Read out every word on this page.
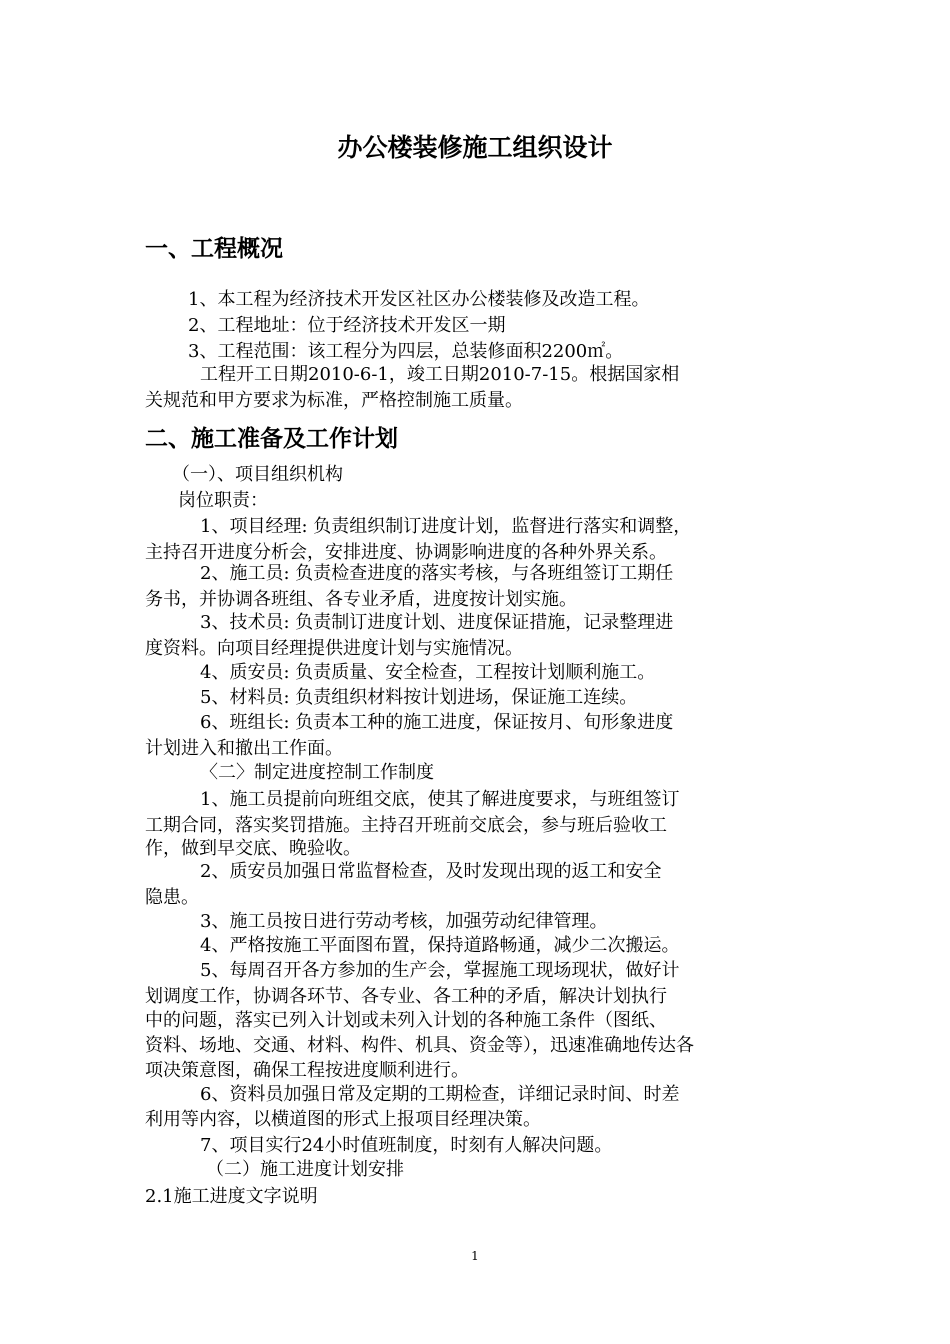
办公楼装修施工组织设计
一、工程概况
1、本工程为经济技术开发区社区办公楼装修及改造工程。
2、工程地址：位于经济技术开发区一期
3、工程范围：该工程分为四层，总装修面积2200㎡。
工程开工日期2010-6-1，竣工日期2010-7-15。根据国家相
关规范和甲方要求为标准，严格控制施工质量。
二、施工准备及工作计划
（一）、项目组织机构
岗位职责：
1、项目经理: 负责组织制订进度计划，监督进行落实和调整，
主持召开进度分析会，安排进度、协调影响进度的各种外界关系。
2、施工员: 负责检查进度的落实考核，与各班组签订工期任
务书，并协调各班组、各专业矛盾，进度按计划实施。
3、技术员: 负责制订进度计划、进度保证措施，记录整理进
度资料。向项目经理提供进度计划与实施情况。
4、质安员: 负责质量、安全检查，工程按计划顺利施工。
5、材料员: 负责组织材料按计划进场，保证施工连续。
6、班组长: 负责本工种的施工进度，保证按月、旬形象进度
计划进入和撤出工作面。
〈二〉制定进度控制工作制度
1、施工员提前向班组交底，使其了解进度要求，与班组签订
工期合同，落实奖罚措施。主持召开班前交底会，参与班后验收工
作，做到早交底、晚验收。
2、质安员加强日常监督检查，及时发现出现的返工和安全
隐患。
3、施工员按日进行劳动考核，加强劳动纪律管理。
4、严格按施工平面图布置，保持道路畅通，减少二次搬运。
5、每周召开各方参加的生产会，掌握施工现场现状，做好计
划调度工作，协调各环节、各专业、各工种的矛盾，解决计划执行
中的问题，落实已列入计划或未列入计划的各种施工条件（图纸、
资料、场地、交通、材料、构件、机具、资金等），迅速准确地传达各
项决策意图，确保工程按进度顺利进行。
6、资料员加强日常及定期的工期检查，详细记录时间、时差
利用等内容，以横道图的形式上报项目经理决策。
7、项目实行24小时值班制度，时刻有人解决问题。
（二）施工进度计划安排
2.1施工进度文字说明
1
